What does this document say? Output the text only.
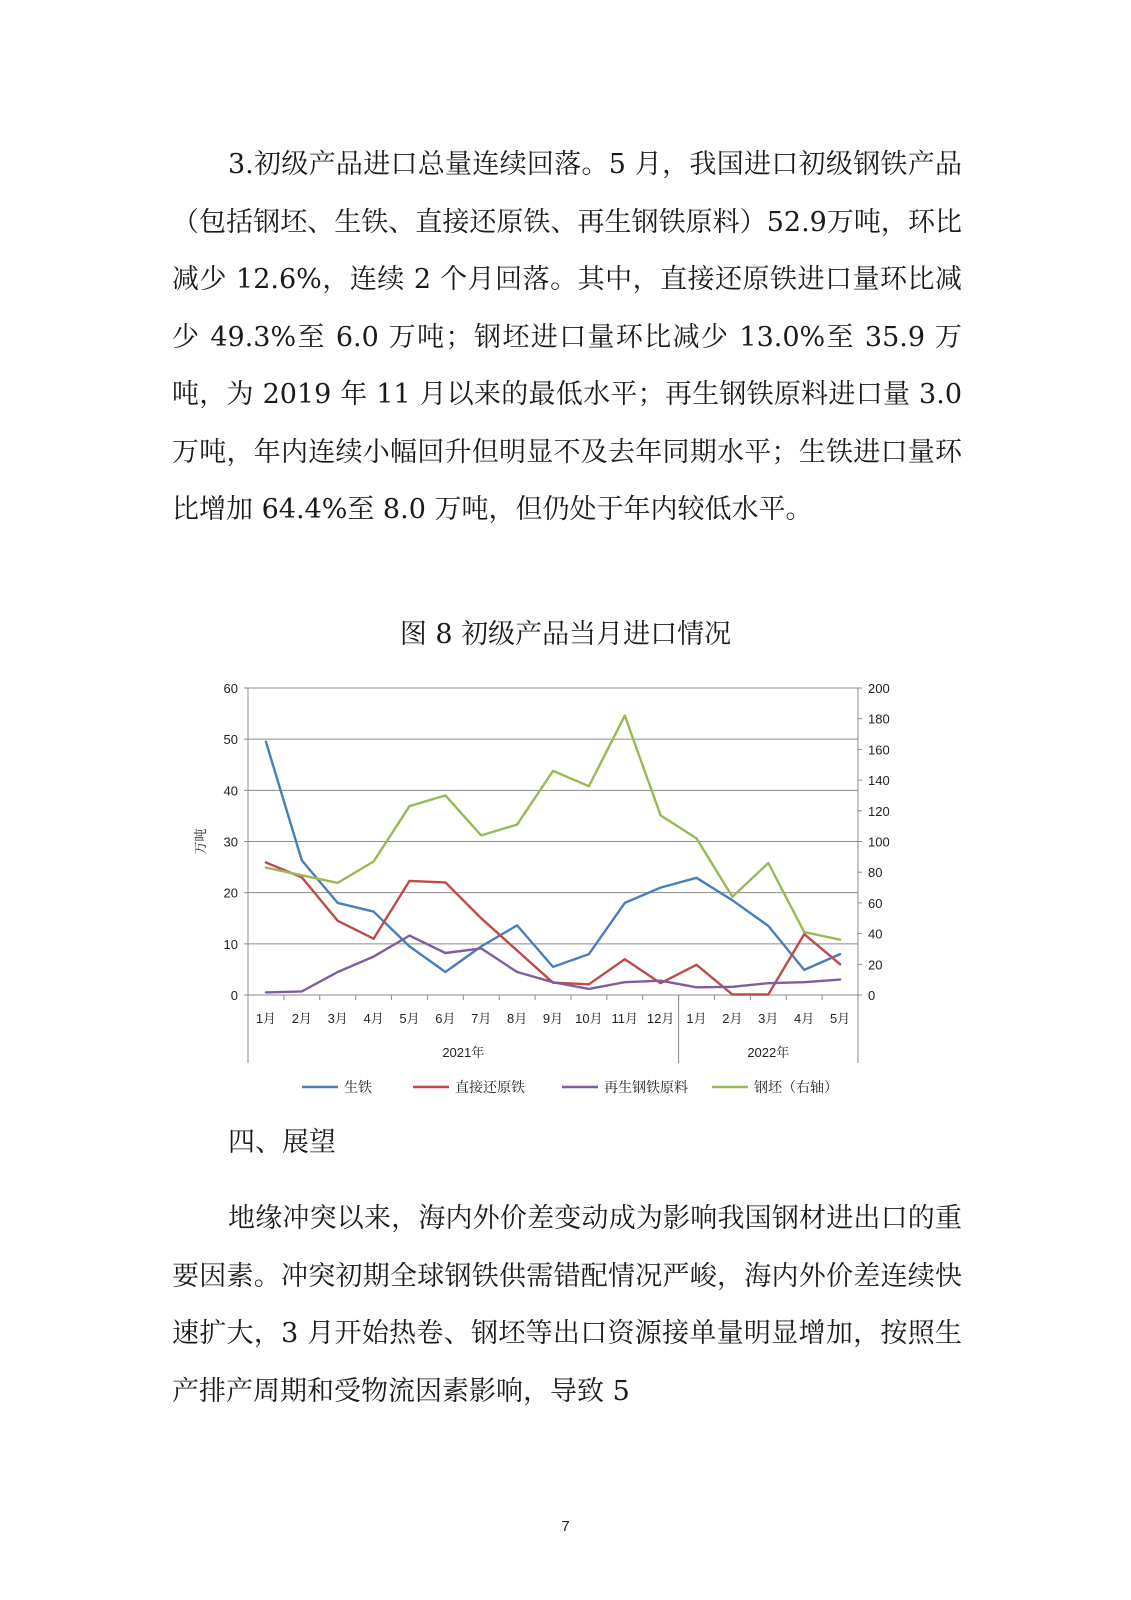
3.初级产品进口总量连续回落。5 月，我国进口初级钢铁产品（包括钢坯、生铁、直接还原铁、再生钢铁原料）52.9万吨，环比减少 12.6%，连续 2 个月回落。其中，直接还原铁进口量环比减少 49.3%至 6.0 万吨；钢坯进口量环比减少 13.0%至 35.9 万吨，为 2019 年 11 月以来的最低水平；再生钢铁原料进口量 3.0 万吨，年内连续小幅回升但明显不及去年同期水平；生铁进口量环比增加 64.4%至 8.0 万吨，但仍处于年内较低水平。

图 8 初级产品当月进口情况

0
10
20
30
40
50
60
0
20
40
60
80
100
120
140
160
180
200
万吨
1月 2月 3月 4月 5月 6月 7月 8月 9月 10月 11月 12月 1月 2月 3月 4月 5月
2021年	2022年
生铁	直接还原铁	再生钢铁原料	钢坯（右轴）

四、展望

地缘冲突以来，海内外价差变动成为影响我国钢材进出口的重要因素。冲突初期全球钢铁供需错配情况严峻，海内外价差连续快速扩大，3 月开始热卷、钢坯等出口资源接单量明显增加，按照生产排产周期和受物流因素影响，导致 5

7
